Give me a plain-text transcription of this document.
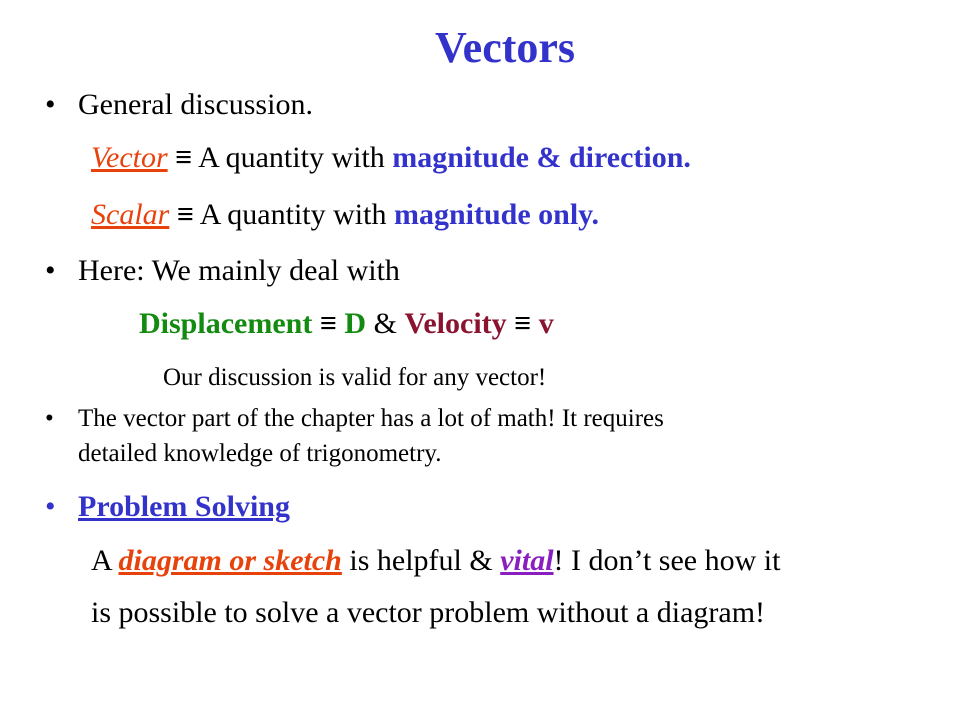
Vectors
• General discussion.
Vector ≡ A quantity with magnitude & direction.
Scalar ≡ A quantity with magnitude only.
• Here: We mainly deal with
Displacement ≡ D & Velocity ≡ v
Our discussion is valid for any vector!
• The vector part of the chapter has a lot of math! It requires
detailed knowledge of trigonometry.
• Problem Solving
A diagram or sketch is helpful & vital! I don’t see how it
is possible to solve a vector problem without a diagram!
